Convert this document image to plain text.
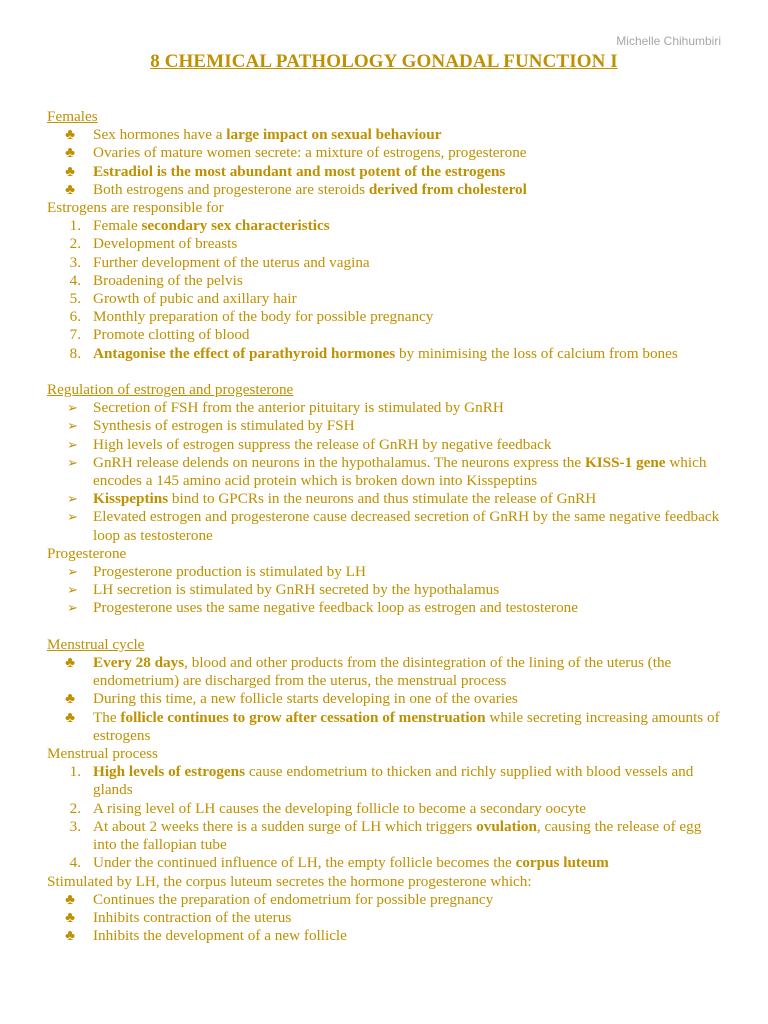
Michelle Chihumbiri
8 CHEMICAL PATHOLOGY GONADAL FUNCTION I

Females

♣ Sex hormones have a large impact on sexual behaviour
♣ Ovaries of mature women secrete: a mixture of estrogens, progesterone
♣ Estradiol is the most abundant and most potent of the estrogens
♣ Both estrogens and progesterone are steroids derived from cholesterol

Estrogens are responsible for

1. Female secondary sex characteristics
2. Development of breasts
3. Further development of the uterus and vagina
4. Broadening of the pelvis
5. Growth of pubic and axillary hair
6. Monthly preparation of the body for possible pregnancy
7. Promote clotting of blood
8. Antagonise the effect of parathyroid hormones by minimising the loss of calcium from bones

Regulation of estrogen and progesterone

➢ Secretion of FSH from the anterior pituitary is stimulated by GnRH
➢ Synthesis of estrogen is stimulated by FSH
➢ High levels of estrogen suppress the release of GnRH by negative feedback
➢ GnRH release delends on neurons in the hypothalamus. The neurons express the KISS-1 gene which encodes a 145 amino acid protein which is broken down into Kisspeptins
➢ Kisspeptins bind to GPCRs in the neurons and thus stimulate the release of GnRH
➢ Elevated estrogen and progesterone cause decreased secretion of GnRH by the same negative feedback loop as testosterone

Progesterone

➢ Progesterone production is stimulated by LH
➢ LH secretion is stimulated by GnRH secreted by the hypothalamus
➢ Progesterone uses the same negative feedback loop as estrogen and testosterone

Menstrual cycle

♣ Every 28 days, blood and other products from the disintegration of the lining of the uterus (the endometrium) are discharged from the uterus, the menstrual process
♣ During this time, a new follicle starts developing in one of the ovaries
♣ The follicle continues to grow after cessation of menstruation while secreting increasing amounts of estrogens

Menstrual process

1. High levels of estrogens cause endometrium to thicken and richly supplied with blood vessels and glands
2. A rising level of LH causes the developing follicle to become a secondary oocyte
3. At about 2 weeks there is a sudden surge of LH which triggers ovulation, causing the release of egg into the fallopian tube
4. Under the continued influence of LH, the empty follicle becomes the corpus luteum

Stimulated by LH, the corpus luteum secretes the hormone progesterone which:

♣ Continues the preparation of endometrium for possible pregnancy
♣ Inhibits contraction of the uterus
♣ Inhibits the development of a new follicle
